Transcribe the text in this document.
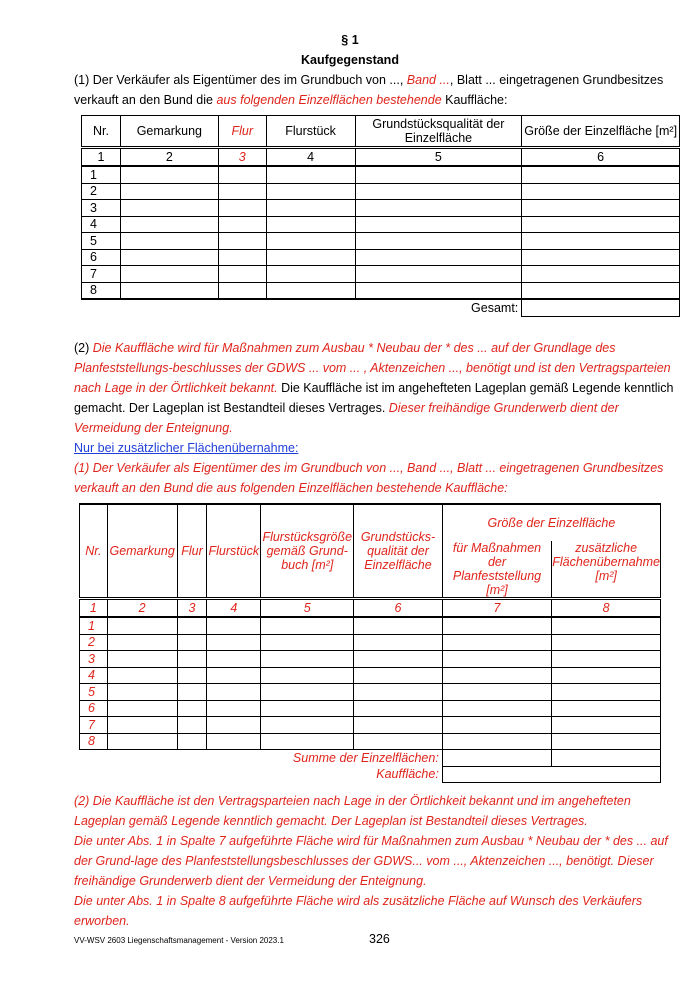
§ 1
Kaufgegenstand
(1) Der Verkäufer als Eigentümer des im Grundbuch von ..., Band ..., Blatt ... eingetragenen Grundbesitzes verkauft an den Bund die aus folgenden Einzelflächen bestehende Kauffläche:
Nr.	Gemarkung	Flur	Flurstück	Grundstücksqualität der Einzelfläche	Größe der Einzelfläche [m²]
1	2	3	4	5	6
1					
2					
3					
4					
5					
6					
7					
8					
Gesamt:					
(2) Die Kauffläche wird für Maßnahmen zum Ausbau * Neubau der * des ... auf der Grundlage des Planfeststellungs-beschlusses der GDWS ... vom ... , Aktenzeichen ..., benötigt und ist den Vertragsparteien nach Lage in der Örtlichkeit bekannt. Die Kauffläche ist im angehefteten Lageplan gemäß Legende kenntlich gemacht. Der Lageplan ist Bestandteil dieses Vertrages. Dieser freihändige Grunderwerb dient der Vermeidung der Enteignung.
Nur bei zusätzlicher Flächenübernahme:
(1) Der Verkäufer als Eigentümer des im Grundbuch von ..., Band ..., Blatt ... eingetragenen Grundbesitzes verkauft an den Bund die aus folgenden Einzelflächen bestehende Kauffläche:
Nr.	Gemarkung	Flur	Flurstück	Flurstücksgröße gemäß Grund-buch [m²]	Grundstücks-qualität der Einzelfläche	Größe der Einzelfläche	
						für Maßnahmen der Planfeststellung [m²]	zusätzliche Flächenübernahme [m²]
1	2	3	4	5	6	7	8
1							
2							
3							
4							
5							
6							
7							
8							
Summe der Einzelflächen:							
Kauffläche:							
(2) Die Kauffläche ist den Vertragsparteien nach Lage in der Örtlichkeit bekannt und im angehefteten Lageplan gemäß Legende kenntlich gemacht. Der Lageplan ist Bestandteil dieses Vertrages.
Die unter Abs. 1 in Spalte 7 aufgeführte Fläche wird für Maßnahmen zum Ausbau * Neubau der * des ... auf der Grund-lage des Planfeststellungsbeschlusses der GDWS... vom ..., Aktenzeichen ..., benötigt. Dieser freihändige Grunderwerb dient der Vermeidung der Enteignung.
Die unter Abs. 1 in Spalte 8 aufgeführte Fläche wird als zusätzliche Fläche auf Wunsch des Verkäufers erworben.
VV-WSV 2603 Liegenschaftsmanagement - Version 2023.1	326
